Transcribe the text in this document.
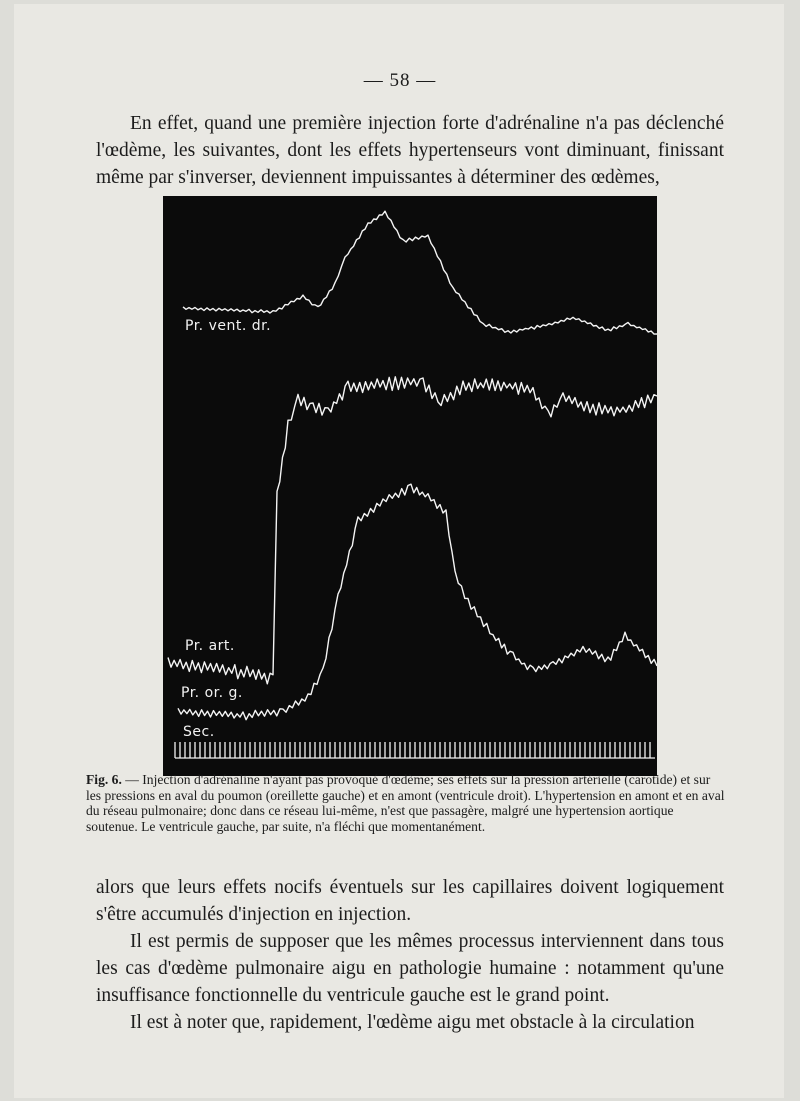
— 58 —

En effet, quand une première injection forte d'adrénaline n'a pas déclenché l'œdème, les suivantes, dont les effets hypertenseurs vont diminuant, finissant même par s'inverser, deviennent impuissantes à déterminer des œdèmes,

Pr. vent. dr.
Pr. art.
Pr. or. g.
Sec.

Fig. 6. — Injection d'adrénaline n'ayant pas provoqué d'œdème; ses effets sur la pression artérielle (carotide) et sur les pressions en aval du poumon (oreillette gauche) et en amont (ventricule droit). L'hypertension en amont et en aval du réseau pulmonaire; donc dans ce réseau lui-même, n'est que passagère, malgré une hypertension aortique soutenue. Le ventricule gauche, par suite, n'a fléchi que momentanément.

alors que leurs effets nocifs éventuels sur les capillaires doivent logiquement s'être accumulés d'injection en injection.

Il est permis de supposer que les mêmes processus interviennent dans tous les cas d'œdème pulmonaire aigu en pathologie humaine : notamment qu'une insuffisance fonctionnelle du ventricule gauche est le grand point.

Il est à noter que, rapidement, l'œdème aigu met obstacle à la circulation
